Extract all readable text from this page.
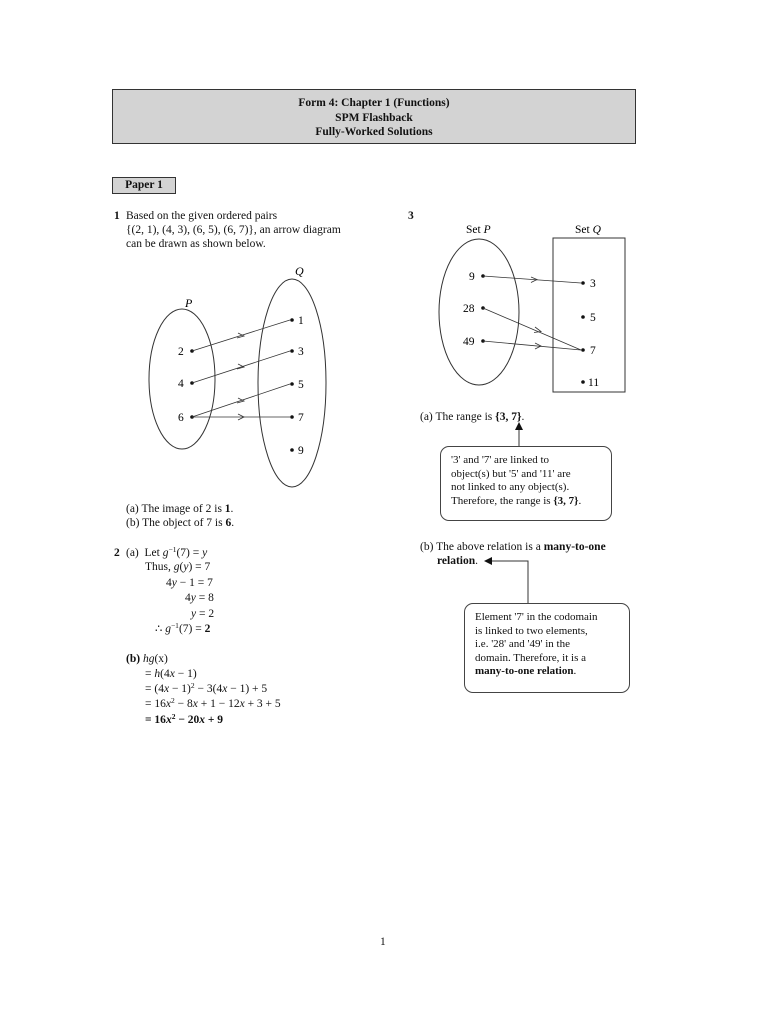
Form 4: Chapter 1 (Functions)
SPM Flashback
Fully-Worked Solutions
Paper 1
1 Based on the given ordered pairs
{(2, 1), (4, 3), (6, 5), (6, 7)}, an arrow diagram
can be drawn as shown below.
P
Q
2
4
6
1
3
5
7
9
(a) The image of 2 is 1.
(b) The object of 7 is 6.
2 (a) Let $g^{-1}(7) = y$
Thus, g(y) = 7
4y − 1 = 7
4y = 8
y = 2
∴ $g^{-1}(7) = 2$
(b) hg(x)
= h(4x − 1)
= $(4x - 1)^2 - 3(4x - 1) + 5$
= $16x^2 - 8x + 1 - 12x + 3 + 5$
= $16x^2 - 20x + 9$
3
Set P	Set Q
9
28
49
3
5
7
11
(a) The range is {3, 7}.
'3' and '7' are linked to
object(s) but '5' and '11' are
not linked to any object(s).
Therefore, the range is {3, 7}.
(b) The above relation is a many-to-one
relation.
Element '7' in the codomain
is linked to two elements,
i.e. '28' and '49' in the
domain. Therefore, it is a
many-to-one relation.
1
